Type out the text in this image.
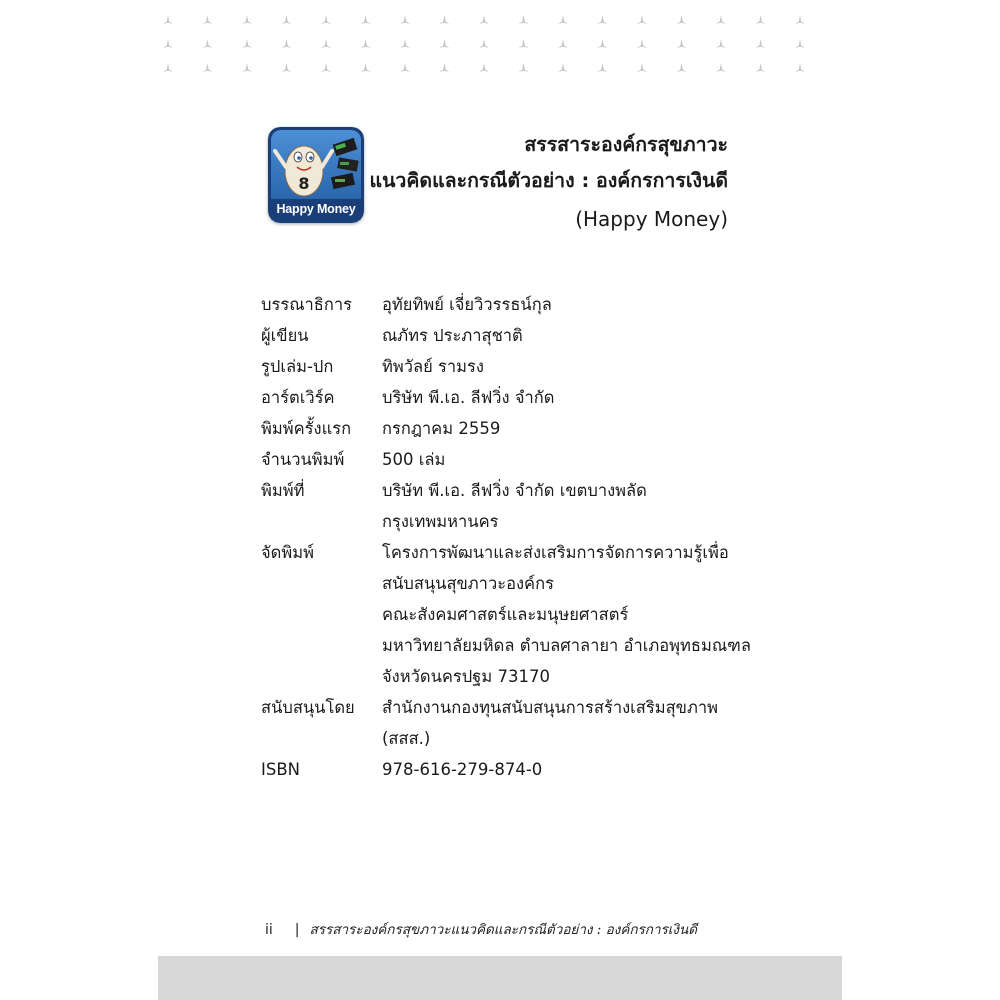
8
Happy Money
สรรสาระองค์กรสุขภาวะ
แนวคิดและกรณีตัวอย่าง : องค์กรการเงินดี
(Happy Money)
บรรณาธิการ	อุทัยทิพย์ เจี่ยวิวรรธน์กุล
ผู้เขียน	ณภัทร ประภาสุชาติ
รูปเล่ม-ปก	ทิพวัลย์ รามรง
อาร์ตเวิร์ค	บริษัท พี.เอ. ลีฟวิ่ง จำกัด
พิมพ์ครั้งแรก	กรกฎาคม 2559
จำนวนพิมพ์	500 เล่ม
พิมพ์ที่	บริษัท พี.เอ. ลีฟวิ่ง จำกัด เขตบางพลัด
กรุงเทพมหานคร
จัดพิมพ์	โครงการพัฒนาและส่งเสริมการจัดการความรู้เพื่อ
สนับสนุนสุขภาวะองค์กร
คณะสังคมศาสตร์และมนุษยศาสตร์
มหาวิทยาลัยมหิดล ตำบลศาลายา อำเภอพุทธมณฑล
จังหวัดนครปฐม 73170
สนับสนุนโดย	สำนักงานกองทุนสนับสนุนการสร้างเสริมสุขภาพ
(สสส.)
ISBN	978-616-279-874-0
ii | สรรสาระองค์กรสุขภาวะแนวคิดและกรณีตัวอย่าง : องค์กรการเงินดี
